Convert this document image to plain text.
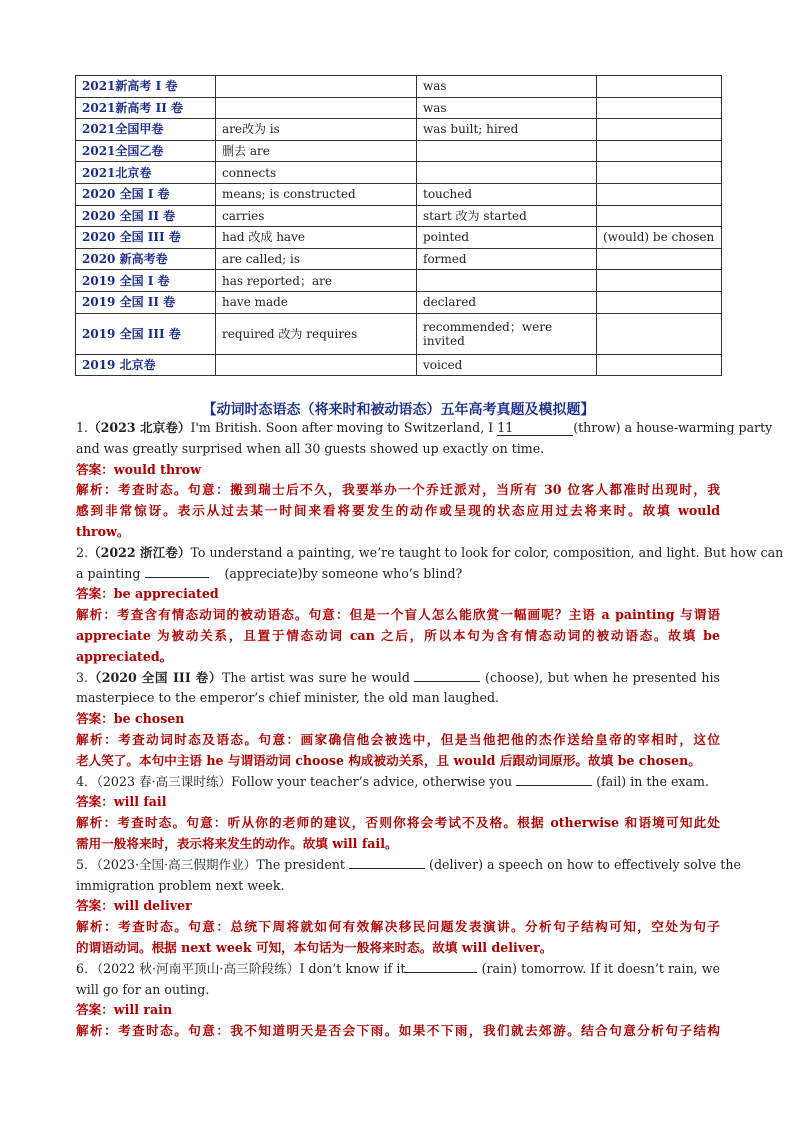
2021新高考 I 卷		was	
2021新高考 II 卷		was	
2021全国甲卷	are改为 is	was built; hired	
2021全国乙卷	删去 are		
2021北京卷	connects		
2020 全国 I 卷	means; is constructed	touched	
2020 全国 II 卷	carries	start 改为 started	
2020 全国 III 卷	had 改成 have	pointed	(would) be chosen
2020 新高考卷	are called; is	formed	
2019 全国 I 卷	has reported；are		
2019 全国 II 卷	have made	declared	
2019 全国 III 卷	required 改为 requires	recommended；were
invited	

2019 北京卷		voiced	
【动词时态语态（将来时和被动语态）五年高考真题及模拟题】
1.（2023 北京卷）I'm British. Soon after moving to Switzerland, I 11	(throw) a house-warming party
and was greatly surprised when all 30 guests showed up exactly on time.
答案：would throw
解析：考查时态。句意：搬到瑞士后不久，我要举办一个乔迁派对，当所有 30 位客人都准时出现时，我
感到非常惊讶。表示从过去某一时间来看将要发生的动作或呈现的状态应用过去将来时。故填 would
throw。
2.（2022 浙江卷）To understand a painting, we’re taught to look for color, composition, and light. But how can
a painting	(appreciate)by someone who’s blind?
答案：be appreciated
解析：考查含有情态动词的被动语态。句意：但是一个盲人怎么能欣赏一幅画呢？主语 a painting 与谓语
appreciate 为被动关系，且置于情态动词 can 之后，所以本句为含有情态动词的被动语态。故填 be
appreciated。
3.（2020 全国 III 卷）The artist was sure he would	(choose), but when he presented his
masterpiece to the emperor’s chief minister, the old man laughed.
答案：be chosen
解析：考查动词时态及语态。句意：画家确信他会被选中，但是当他把他的杰作送给皇帝的宰相时，这位
老人笑了。本句中主语 he 与谓语动词 choose 构成被动关系，且 would 后跟动词原形。故填 be chosen。
4．（2023 春·高三课时练）Follow your teacher’s advice, otherwise you	(fail) in the exam.
答案：will fail
解析：考查时态。句意：听从你的老师的建议，否则你将会考试不及格。根据 otherwise 和语境可知此处
需用一般将来时，表示将来发生的动作。故填 will fail。
5．（2023·全国·高三假期作业）The president	(deliver) a speech on how to effectively solve the
immigration problem next week.
答案：will deliver
解析：考查时态。句意：总统下周将就如何有效解决移民问题发表演讲。分析句子结构可知，空处为句子
的谓语动词。根据 next week 可知，本句话为一般将来时态。故填 will deliver。
6．（2022 秋·河南平顶山·高三阶段练）I don’t know if it	(rain) tomorrow. If it doesn’t rain, we
will go for an outing.
答案：will rain
解析：考查时态。句意：我不知道明天是否会下雨。如果不下雨，我们就去郊游。结合句意分析句子结构
